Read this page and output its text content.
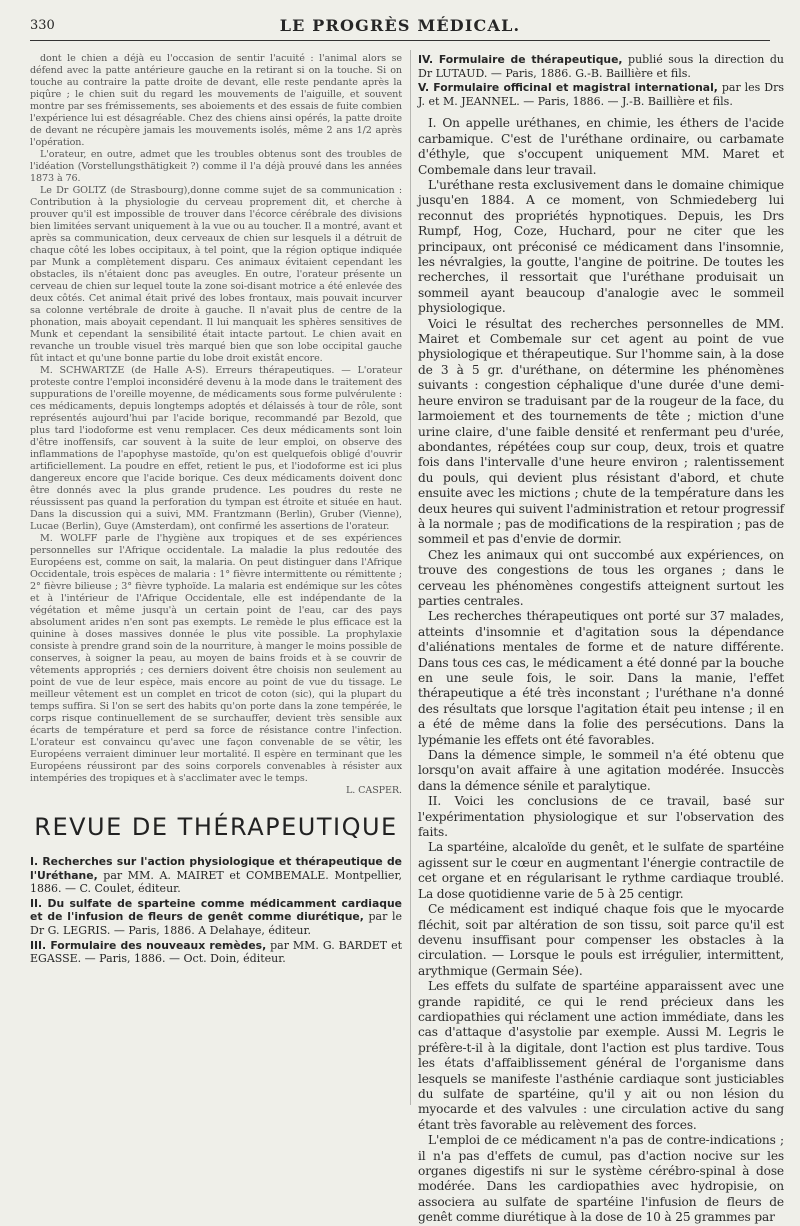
330	LE PROGRÈS MÉDICAL.

dont le chien a déjà eu l'occasion de sentir l'acuité : l'animal alors se défend avec la patte antérieure gauche en la retirant si on la touche. Si on touche au contraire la patte droite de devant, elle reste pendante après la piqûre ; le chien suit du regard les mouvements de l'aiguille, et souvent montre par ses frémissements, ses aboiements et des essais de fuite combien l'expérience lui est désagréable. Chez des chiens ainsi opérés, la patte droite de devant ne récupère jamais les mouvements isolés, même 2 ans 1/2 après l'opération.

L'orateur, en outre, admet que les troubles obtenus sont des troubles de l'idéation (Vorstellungsthätigkeit ?) comme il l'a déjà prouvé dans les années 1873 à 76.

Le Dr GOLTZ (de Strasbourg),donne comme sujet de sa communication : Contribution à la physiologie du cerveau proprement dit, et cherche à prouver qu'il est impossible de trouver dans l'écorce cérébrale des divisions bien limitées servant uniquement à la vue ou au toucher. Il a montré, avant et après sa communication, deux cerveaux de chien sur lesquels il a détruit de chaque côté les lobes occipitaux, à tel point, que la région optique indiquée par Munk a complètement disparu. Ces animaux évitaient cependant les obstacles, ils n'étaient donc pas aveugles. En outre, l'orateur présente un cerveau de chien sur lequel toute la zone soi-disant motrice a été enlevée des deux côtés. Cet animal était privé des lobes frontaux, mais pouvait incurver sa colonne vertébrale de droite à gauche. Il n'avait plus de centre de la phonation, mais aboyait cependant. Il lui manquait les sphères sensitives de Munk et cependant la sensibilité était intacte partout. Le chien avait en revanche un trouble visuel très marqué bien que son lobe occipital gauche fût intact et qu'une bonne partie du lobe droit existât encore.

M. SCHWARTZE (de Halle A-S). Erreurs thérapeutiques. — L'orateur proteste contre l'emploi inconsidéré devenu à la mode dans le traitement des suppurations de l'oreille moyenne, de médicaments sous forme pulvérulente : ces médicaments, depuis longtemps adoptés et délaissés à tour de rôle, sont représentés aujourd'hui par l'acide borique, recommandé par Bezold, que plus tard l'iodoforme est venu remplacer. Ces deux médicaments sont loin d'être inoffensifs, car souvent à la suite de leur emploi, on observe des inflammations de l'apophyse mastoïde, qu'on est quelquefois obligé d'ouvrir artificiellement. La poudre en effet, retient le pus, et l'iodoforme est ici plus dangereux encore que l'acide borique. Ces deux médicaments doivent donc être donnés avec la plus grande prudence. Les poudres du reste ne réussissent pas quand la perforation du tympan est étroite et située en haut. Dans la discussion qui a suivi, MM. Frantzmann (Berlin), Gruber (Vienne), Lucae (Berlin), Guye (Amsterdam), ont confirmé les assertions de l'orateur.

M. WOLFF parle de l'hygiène aux tropiques et de ses expériences personnelles sur l'Afrique occidentale. La maladie la plus redoutée des Européens est, comme on sait, la malaria. On peut distinguer dans l'Afrique Occidentale, trois espèces de malaria : 1° fièvre intermittente ou rémittente ; 2° fièvre bilieuse ; 3° fièvre typhoïde. La malaria est endémique sur les côtes et à l'intérieur de l'Afrique Occidentale, elle est indépendante de la végétation et même jusqu'à un certain point de l'eau, car des pays absolument arides n'en sont pas exempts. Le remède le plus efficace est la quinine à doses massives donnée le plus vite possible. La prophylaxie consiste à prendre grand soin de la nourriture, à manger le moins possible de conserves, à soigner la peau, au moyen de bains froids et à se couvrir de vêtements appropriés ; ces derniers doivent être choisis non seulement au point de vue de leur espèce, mais encore au point de vue du tissage. Le meilleur vêtement est un complet en tricot de coton (sic), qui la plupart du temps suffira. Si l'on se sert des habits qu'on porte dans la zone tempérée, le corps risque continuellement de se surchauffer, devient très sensible aux écarts de température et perd sa force de résistance contre l'infection. L'orateur est convaincu qu'avec une façon convenable de se vêtir, les Européens verraient diminuer leur mortalité. Il espère en terminant que les Européens réussiront par des soins corporels convenables à résister aux intempéries des tropiques et à s'acclimater avec le temps.

L. CASPER.

REVUE DE THÉRAPEUTIQUE

I. Recherches sur l'action physiologique et thérapeutique de l'Uréthane, par MM. A. MAIRET et COMBEMALE. Montpellier, 1886. — C. Coulet, éditeur.

II. Du sulfate de sparteine comme médicamment cardiaque et de l'infusion de fleurs de genêt comme diurétique, par le Dr G. LEGRIS. — Paris, 1886. A Delahaye, éditeur.

III. Formulaire des nouveaux remèdes, par MM. G. BARDET et EGASSE. — Paris, 1886. — Oct. Doin, éditeur.

IV. Formulaire de thérapeutique, publié sous la direction du Dr LUTAUD. — Paris, 1886. G.-B. Baillière et fils.

V. Formulaire officinal et magistral international, par les Drs J. et M. JEANNEL. — Paris, 1886. — J.-B. Baillière et fils.

I. On appelle uréthanes, en chimie, les éthers de l'acide carbamique. C'est de l'uréthane ordinaire, ou carbamate d'éthyle, que s'occupent uniquement MM. Maret et Combemale dans leur travail.

L'uréthane resta exclusivement dans le domaine chimique jusqu'en 1884. A ce moment, von Schmiedeberg lui reconnut des propriétés hypnotiques. Depuis, les Drs Rumpf, Hog, Coze, Huchard, pour ne citer que les principaux, ont préconisé ce médicament dans l'insomnie, les névralgies, la goutte, l'angine de poitrine. De toutes les recherches, il ressortait que l'uréthane produisait un sommeil ayant beaucoup d'analogie avec le sommeil physiologique.

Voici le résultat des recherches personnelles de MM. Mairet et Combemale sur cet agent au point de vue physiologique et thérapeutique. Sur l'homme sain, à la dose de 3 à 5 gr. d'uréthane, on détermine les phénomènes suivants : congestion céphalique d'une durée d'une demi-heure environ se traduisant par de la rougeur de la face, du larmoiement et des tournements de tête ; miction d'une urine claire, d'une faible densité et renfermant peu d'urée, abondantes, répétées coup sur coup, deux, trois et quatre fois dans l'intervalle d'une heure environ ; ralentissement du pouls, qui devient plus résistant d'abord, et chute ensuite avec les mictions ; chute de la température dans les deux heures qui suivent l'administration et retour progressif à la normale ; pas de modifications de la respiration ; pas de sommeil et pas d'envie de dormir.

Chez les animaux qui ont succombé aux expériences, on trouve des congestions de tous les organes ; dans le cerveau les phénomènes congestifs atteignent surtout les parties centrales.

Les recherches thérapeutiques ont porté sur 37 malades, atteints d'insomnie et d'agitation sous la dépendance d'aliénations mentales de forme et de nature différente. Dans tous ces cas, le médicament a été donné par la bouche en une seule fois, le soir. Dans la manie, l'effet thérapeutique a été très inconstant ; l'uréthane n'a donné des résultats que lorsque l'agitation était peu intense ; il en a été de même dans la folie des persécutions. Dans la lypémanie les effets ont été favorables.

Dans la démence simple, le sommeil n'a été obtenu que lorsqu'on avait affaire à une agitation modérée. Insuccès dans la démence sénile et paralytique.

II. Voici les conclusions de ce travail, basé sur l'expérimentation physiologique et sur l'observation des faits.

La spartéine, alcaloïde du genêt, et le sulfate de spartéine agissent sur le cœur en augmentant l'énergie contractile de cet organe et en régularisant le rythme cardiaque troublé. La dose quotidienne varie de 5 à 25 centigr.

Ce médicament est indiqué chaque fois que le myocarde fléchit, soit par altération de son tissu, soit parce qu'il est devenu insuffisant pour compenser les obstacles à la circulation. — Lorsque le pouls est irrégulier, intermittent, arythmique (Germain Sée).

Les effets du sulfate de spartéine apparaissent avec une grande rapidité, ce qui le rend précieux dans les cardiopathies qui réclament une action immédiate, dans les cas d'attaque d'asystolie par exemple. Aussi M. Legris le préfère-t-il à la digitale, dont l'action est plus tardive. Tous les états d'affaiblissement général de l'organisme dans lesquels se manifeste l'asthénie cardiaque sont justiciables du sulfate de spartéine, qu'il y ait ou non lésion du myocarde et des valvules : une circulation active du sang étant très favorable au relèvement des forces.

L'emploi de ce médicament n'a pas de contre-indications ; il n'a pas d'effets de cumul, pas d'action nocive sur les organes digestifs ni sur le système cérébro-spinal à dose modérée. Dans les cardiopathies avec hydropisie, on associera au sulfate de spartéine l'infusion de fleurs de genêt comme diurétique à la dose de 10 à 25 grammes par
